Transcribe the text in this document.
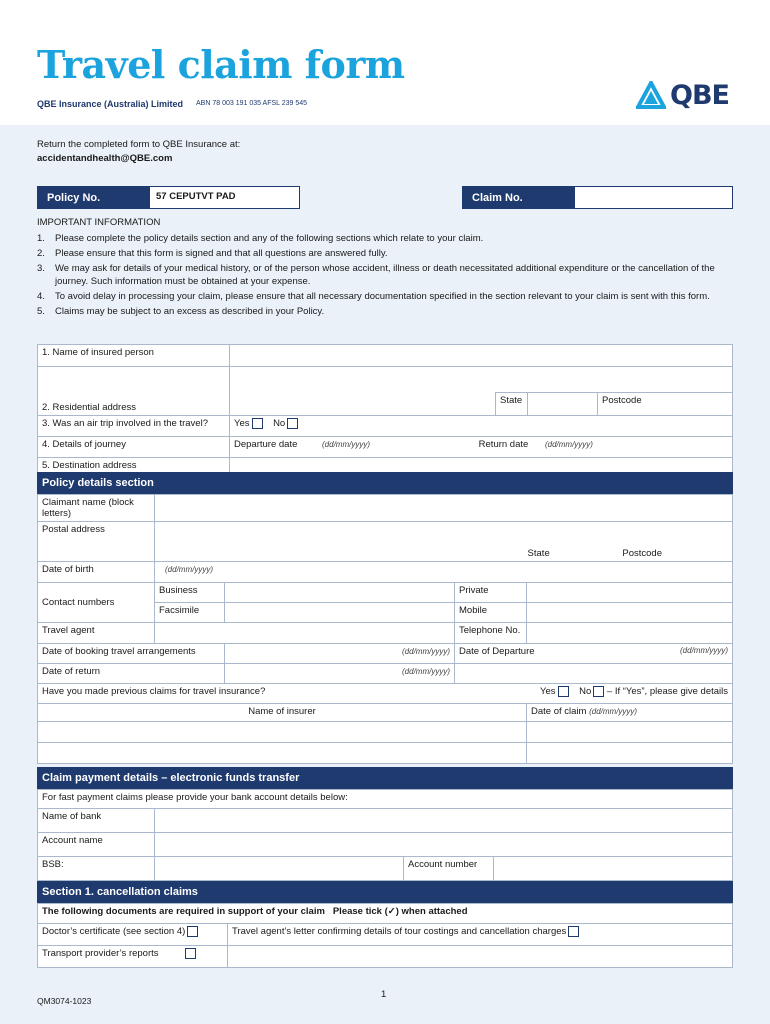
Travel claim form
QBE Insurance (Australia) Limited ABN 78 003 191 035 AFSL 239 545	QBE
Return the completed form to QBE Insurance at:
accidentandhealth@QBE.com
Policy No.	57 CEPUTVT PAD	Claim No.
IMPORTANT INFORMATION
1.	Please complete the policy details section and any of the following sections which relate to your claim.
2.	Please ensure that this form is signed and that all questions are answered fully.
3.	We may ask for details of your medical history, or of the person whose accident, illness or death necessitated additional expenditure or the cancellation of the journey. Such information must be obtained at your expense.
4.	To avoid delay in processing your claim, please ensure that all necessary documentation specified in the section relevant to your claim is sent with this form.
5.	Claims may be subject to an excess as described in your Policy.
1. Name of insured person				
2. Residential address				
		State		Postcode
3. Was an air trip involved in the travel?	Yes No			
4. Details of journey	Departure date (dd/mm/yyyy) Return date (dd/mm/yyyy)			
5. Destination address				
Policy details section
Claimant name (block letters)				
Postal address	State Postcode			
Date of birth	(dd/mm/yyyy)			
Contact numbers	Business		Private	
	Facsimile		Mobile	
Travel agent			Telephone No.	
Date of booking travel arrangements		(dd/mm/yyyy)	Date of Departure (dd/mm/yyyy)	

Date of return		(dd/mm/yyyy)		
Have you made previous claims for travel insurance? Yes No – If “Yes”, please give details				

Name of insurer				Date of claim (dd/mm/yyyy)

Claim payment details – electronic funds transfer
For fast payment claims please provide your bank account details below:			
Name of bank			
Account name			
BSB:		Account number	
Section 1. cancellation claims
The following documents are required in support of your claim Please tick (✓) when attached	
Doctor’s certificate (see section 4)	Travel agent’s letter confirming details of tour costings and cancellation charges
Transport provider’s reports	
1
QM3074-1023
